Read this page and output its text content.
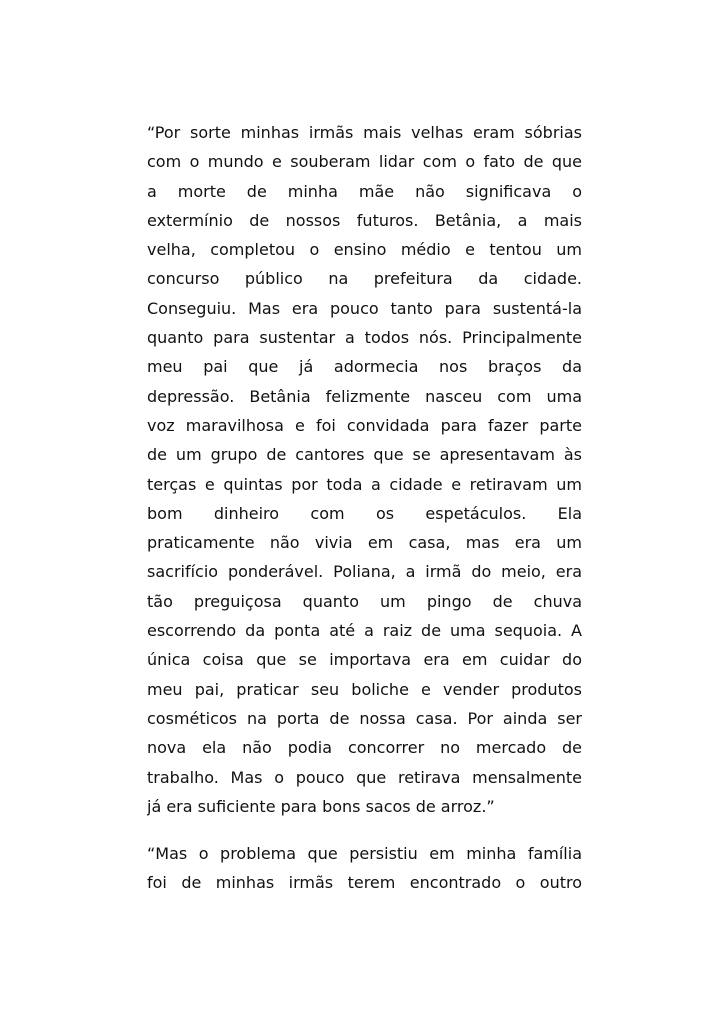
“Por sorte minhas irmãs mais velhas eram sóbrias
com o mundo e souberam lidar com o fato de que
a morte de minha mãe não significava o
extermínio de nossos futuros. Betânia, a mais
velha, completou o ensino médio e tentou um
concurso público na prefeitura da cidade.
Conseguiu. Mas era pouco tanto para sustentá-la
quanto para sustentar a todos nós. Principalmente
meu pai que já adormecia nos braços da
depressão. Betânia felizmente nasceu com uma
voz maravilhosa e foi convidada para fazer parte
de um grupo de cantores que se apresentavam às
terças e quintas por toda a cidade e retiravam um
bom dinheiro com os espetáculos. Ela
praticamente não vivia em casa, mas era um
sacrifício ponderável. Poliana, a irmã do meio, era
tão preguiçosa quanto um pingo de chuva
escorrendo da ponta até a raiz de uma sequoia. A
única coisa que se importava era em cuidar do
meu pai, praticar seu boliche e vender produtos
cosméticos na porta de nossa casa. Por ainda ser
nova ela não podia concorrer no mercado de
trabalho. Mas o pouco que retirava mensalmente
já era suficiente para bons sacos de arroz.”
“Mas o problema que persistiu em minha família
foi de minhas irmãs terem encontrado o outro
